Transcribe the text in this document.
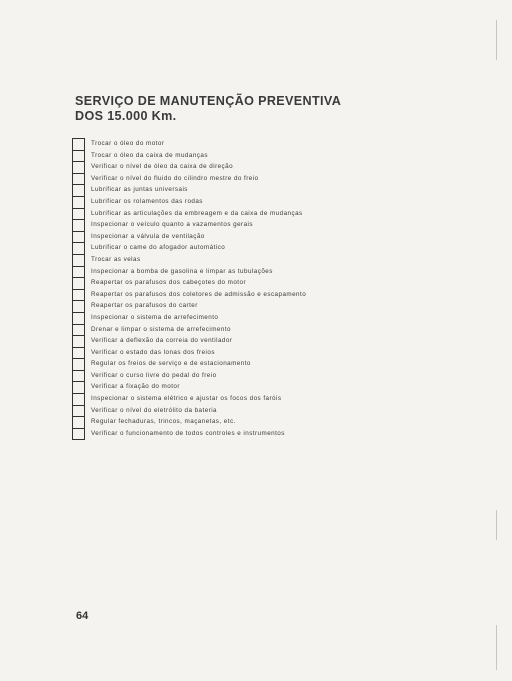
SERVIÇO DE MANUTENÇÃO PREVENTIVA
DOS 15.000 Km.
Trocar o óleo do motor
Trocar o óleo da caixa de mudanças
Verificar o nível de óleo da caixa de direção
Verificar o nível do fluido do cilindro mestre do freio
Lubrificar as juntas universais
Lubrificar os rolamentos das rodas
Lubrificar as articulações da embreagem e da caixa de mudanças
Inspecionar o veículo quanto a vazamentos gerais
Inspecionar a válvula de ventilação
Lubrificar o came do afogador automático
Trocar as velas
Inspecionar a bomba de gasolina e limpar as tubulações
Reapertar os parafusos dos cabeçotes do motor
Reapertar os parafusos dos coletores de admissão e escapamento
Reapertar os parafusos do carter
Inspecionar o sistema de arrefecimento
Drenar e limpar o sistema de arrefecimento
Verificar a deflexão da correia do ventilador
Verificar o estado das lonas dos freios
Regular os freios de serviço e de estacionamento
Verificar o curso livre do pedal do freio
Verificar a fixação do motor
Inspecionar o sistema elétrico e ajustar os focos dos faróis
Verificar o nível do eletrólito da bateria
Regular fechaduras, trincos, maçanetas, etc.
Verificar o funcionamento de todos controles e instrumentos
64
